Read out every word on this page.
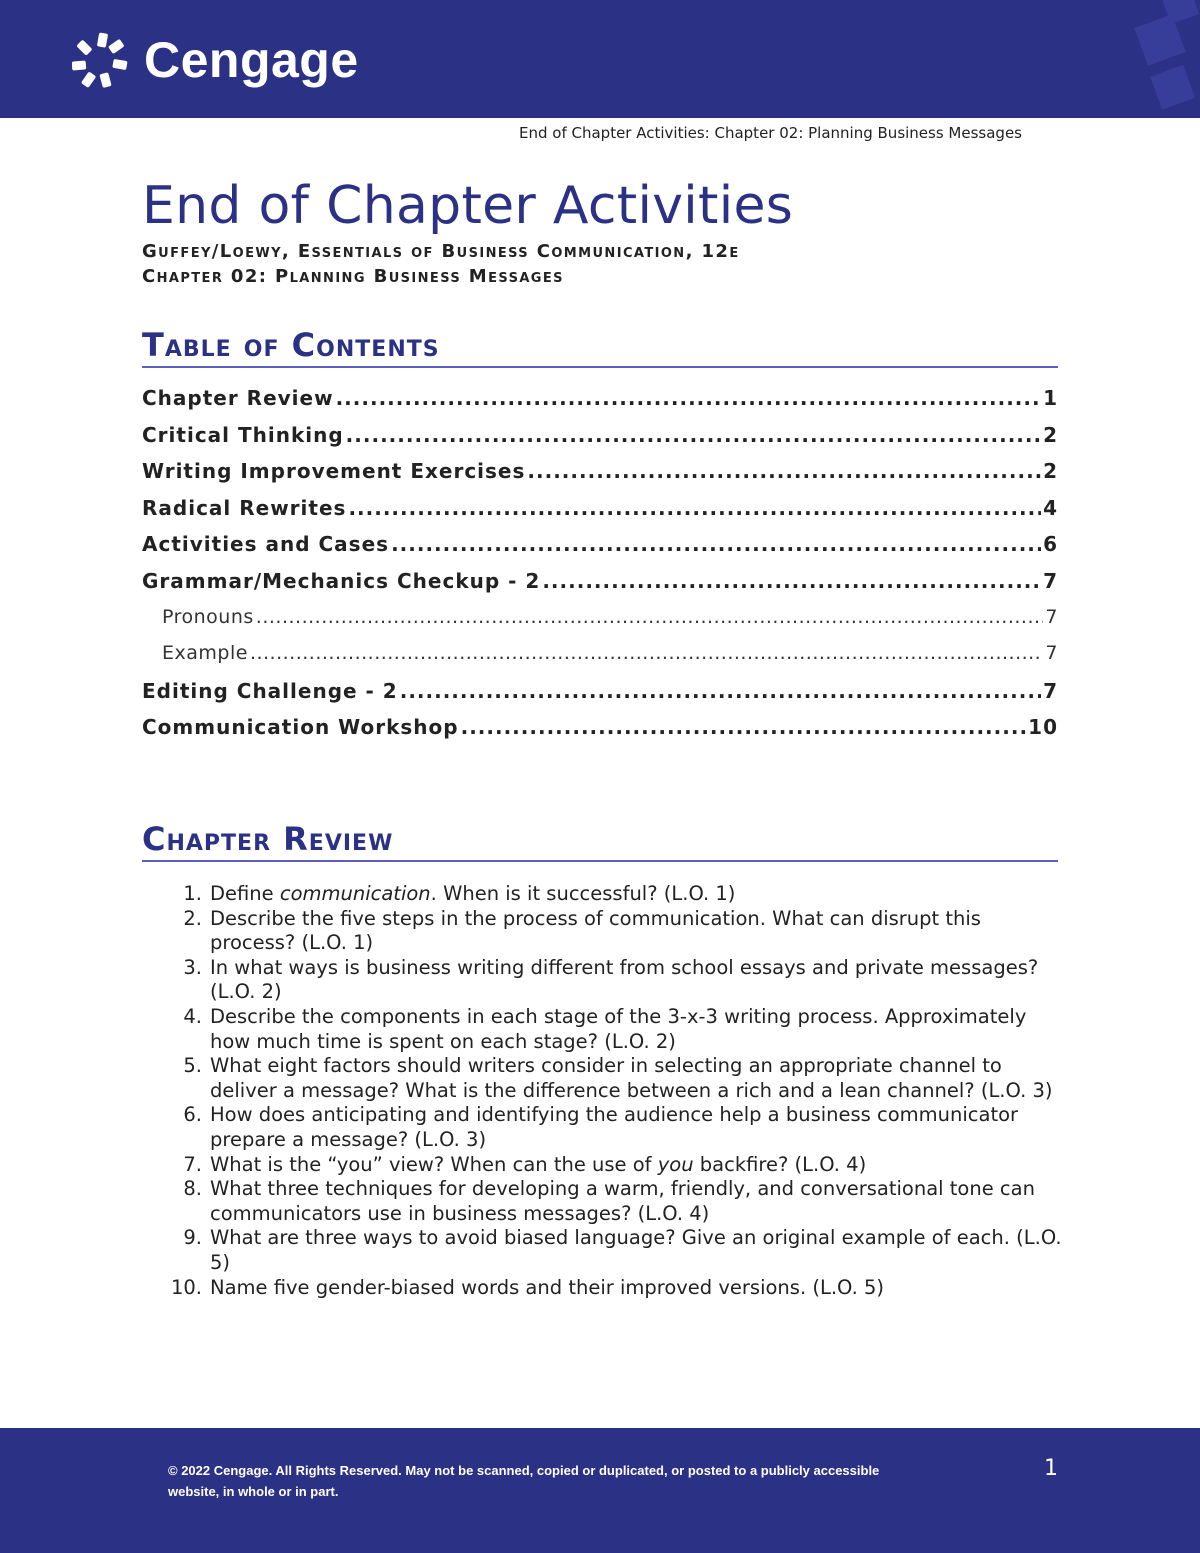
Cengage
End of Chapter Activities: Chapter 02: Planning Business Messages
End of Chapter Activities
Guffey/Loewy, Essentials of Business Communication, 12e
Chapter 02: Planning Business Messages
Table of Contents
Chapter Review .....	1
Critical Thinking .....	2
Writing Improvement Exercises .....	2
Radical Rewrites .....	4
Activities and Cases .....	6
Grammar/Mechanics Checkup - 2 .....	7
Pronouns .....	7
Example .....	7
Editing Challenge - 2 .....	7
Communication Workshop .....	10
Chapter Review
1. Define communication. When is it successful? (L.O. 1)
2. Describe the five steps in the process of communication. What can disrupt this process? (L.O. 1)
3. In what ways is business writing different from school essays and private messages? (L.O. 2)
4. Describe the components in each stage of the 3-x-3 writing process. Approximately how much time is spent on each stage? (L.O. 2)
5. What eight factors should writers consider in selecting an appropriate channel to deliver a message? What is the difference between a rich and a lean channel? (L.O. 3)
6. How does anticipating and identifying the audience help a business communicator prepare a message? (L.O. 3)
7. What is the “you” view? When can the use of you backfire? (L.O. 4)
8. What three techniques for developing a warm, friendly, and conversational tone can communicators use in business messages? (L.O. 4)
9. What are three ways to avoid biased language? Give an original example of each. (L.O. 5)
10. Name five gender-biased words and their improved versions. (L.O. 5)
© 2022 Cengage. All Rights Reserved. May not be scanned, copied or duplicated, or posted to a publicly accessible website, in whole or in part.
1
